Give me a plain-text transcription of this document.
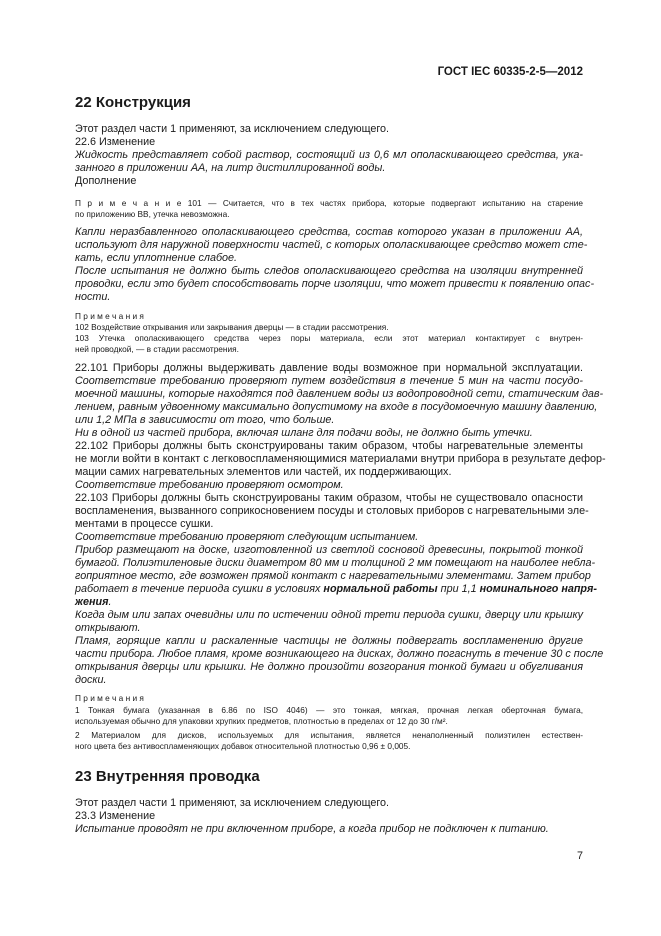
ГОСТ IEC 60335-2-5—2012
22 Конструкция
Этот раздел части 1 применяют, за исключением следующего.
22.6 Изменение
Жидкость представляет собой раствор, состоящий из 0,6 мл ополаскивающего средства, ука-
занного в приложении АА, на литр дистиллированной воды.
Дополнение
П р и м е ч а н и е 101 — Считается, что в тех частях прибора, которые подвергают испытанию на старение
по приложению ВВ, утечка невозможна.
Капли неразбавленного ополаскивающего средства, состав которого указан в приложении АА,
используют для наружной поверхности частей, с которых ополаскивающее средство может сте-
кать, если уплотнение слабое.
После испытания не должно быть следов ополаскивающего средства на изоляции внутренней
проводки, если это будет способствовать порче изоляции, что может привести к появлению опас-
ности.
П р и м е ч а н и я
102 Воздействие открывания или закрывания дверцы — в стадии рассмотрения.
103 Утечка ополаскивающего средства через поры материала, если этот материал контактирует с внутрен-
ней проводкой, — в стадии рассмотрения.
22.101 Приборы должны выдерживать давление воды возможное при нормальной эксплуатации.
Соответствие требованию проверяют путем воздействия в течение 5 мин на части посудо-
моечной машины, которые находятся под давлением воды из водопроводной сети, статическим дав-
лением, равным удвоенному максимально допустимому на входе в посудомоечную машину давлению,
или 1,2 МПа в зависимости от того, что больше.
Ни в одной из частей прибора, включая шланг для подачи воды, не должно быть утечки.
22.102 Приборы должны быть сконструированы таким образом, чтобы нагревательные элементы
не могли войти в контакт с легковоспламеняющимися материалами внутри прибора в результате дефор-
мации самих нагревательных элементов или частей, их поддерживающих.
Соответствие требованию проверяют осмотром.
22.103 Приборы должны быть сконструированы таким образом, чтобы не существовало опасности
воспламенения, вызванного соприкосновением посуды и столовых приборов с нагревательными эле-
ментами в процессе сушки.
Соответствие требованию проверяют следующим испытанием.
Прибор размещают на доске, изготовленной из светлой сосновой древесины, покрытой тонкой
бумагой. Полиэтиленовые диски диаметром 80 мм и толщиной 2 мм помещают на наиболее небла-
гоприятное место, где возможен прямой контакт с нагревательными элементами. Затем прибор
работает в течение периода сушки в условиях нормальной работы при 1,1 номинального напря-
жения.
Когда дым или запах очевидны или по истечении одной трети периода сушки, дверцу или крышку
открывают.
Пламя, горящие капли и раскаленные частицы не должны подвергать воспламенению другие
части прибора. Любое пламя, кроме возникающего на дисках, должно погаснуть в течение 30 с после
открывания дверцы или крышки. Не должно произойти возгорания тонкой бумаги и обугливания
доски.
П р и м е ч а н и я
1 Тонкая бумага (указанная в 6.86 по ISO 4046) — это тонкая, мягкая, прочная легкая оберточная бумага,
используемая обычно для упаковки хрупких предметов, плотностью в пределах от 12 до 30 г/м².
2 Материалом для дисков, используемых для испытания, является ненаполненный полиэтилен естествен-
ного цвета без антивоспламеняющих добавок относительной плотностью 0,96 ± 0,005.
23 Внутренняя проводка
Этот раздел части 1 применяют, за исключением следующего.
23.3 Изменение
Испытание проводят не при включенном приборе, а когда прибор не подключен к питанию.
7
